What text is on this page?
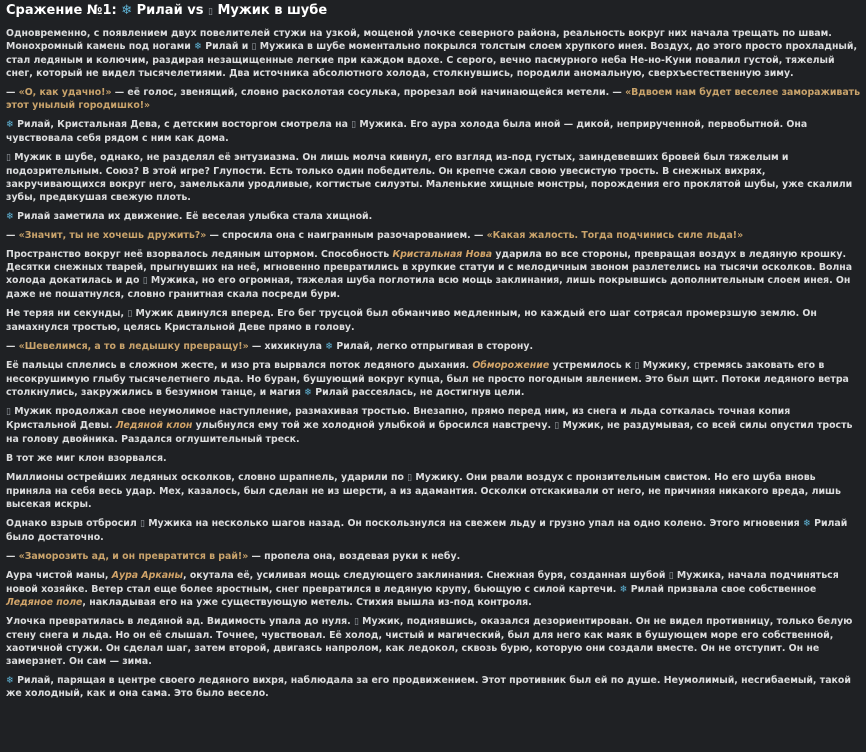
Сражение №1: ❄ Рилай vs ▯ Мужик в шубе

Одновременно, с появлением двух повелителей стужи на узкой, мощеной улочке северного района, реальность вокруг них начала трещать по швам. Монохромный камень под ногами ❄ Рилай и ▯ Мужика в шубе моментально покрылся толстым слоем хрупкого инея. Воздух, до этого просто прохладный, стал ледяным и колючим, раздирая незащищенные легкие при каждом вдохе. С серого, вечно пасмурного неба Не-но-Куни повалил густой, тяжелый снег, который не видел тысячелетиями. Два источника абсолютного холода, столкнувшись, породили аномальную, сверхъестественную зиму.

— «О, как удачно!» — её голос, звенящий, словно расколотая сосулька, прорезал вой начинающейся метели. — «Вдвоем нам будет веселее замораживать этот унылый городишко!»

❄ Рилай, Кристальная Дева, с детским восторгом смотрела на ▯ Мужика. Его аура холода была иной — дикой, неприрученной, первобытной. Она чувствовала себя рядом с ним как дома.

▯ Мужик в шубе, однако, не разделял её энтузиазма. Он лишь молча кивнул, его взгляд из-под густых, заиндевевших бровей был тяжелым и подозрительным. Союз? В этой игре? Глупости. Есть только один победитель. Он крепче сжал свою увесистую трость. В снежных вихрях, закручивающихся вокруг него, замелькали уродливые, когтистые силуэты. Маленькие хищные монстры, порождения его проклятой шубы, уже скалили зубы, предвкушая свежую плоть.

❄ Рилай заметила их движение. Её веселая улыбка стала хищной.

— «Значит, ты не хочешь дружить?» — спросила она с наигранным разочарованием. — «Какая жалость. Тогда подчинись силе льда!»

Пространство вокруг неё взорвалось ледяным штормом. Способность Кристальная Нова ударила во все стороны, превращая воздух в ледяную крошку. Десятки снежных тварей, прыгнувших на неё, мгновенно превратились в хрупкие статуи и с мелодичным звоном разлетелись на тысячи осколков. Волна холода докатилась и до ▯ Мужика, но его огромная, тяжелая шуба поглотила всю мощь заклинания, лишь покрывшись дополнительным слоем инея. Он даже не пошатнулся, словно гранитная скала посреди бури.

Не теряя ни секунды, ▯ Мужик двинулся вперед. Его бег трусцой был обманчиво медленным, но каждый его шаг сотрясал промерзшую землю. Он замахнулся тростью, целясь Кристальной Деве прямо в голову.

— «Шевелимся, а то в ледышку превращу!» — хихикнула ❄ Рилай, легко отпрыгивая в сторону.

Её пальцы сплелись в сложном жесте, и изо рта вырвался поток ледяного дыхания. Обморожение устремилось к ▯ Мужику, стремясь заковать его в несокрушимую глыбу тысячелетнего льда. Но буран, бушующий вокруг купца, был не просто погодным явлением. Это был щит. Потоки ледяного ветра столкнулись, закружились в безумном танце, и магия ❄ Рилай рассеялась, не достигнув цели.

▯ Мужик продолжал свое неумолимое наступление, размахивая тростью. Внезапно, прямо перед ним, из снега и льда соткалась точная копия Кристальной Девы. Ледяной клон улыбнулся ему той же холодной улыбкой и бросился навстречу. ▯ Мужик, не раздумывая, со всей силы опустил трость на голову двойника. Раздался оглушительный треск.

В тот же миг клон взорвался.

Миллионы острейших ледяных осколков, словно шрапнель, ударили по ▯ Мужику. Они рвали воздух с пронзительным свистом. Но его шуба вновь приняла на себя весь удар. Мех, казалось, был сделан не из шерсти, а из адамантия. Осколки отскакивали от него, не причиняя никакого вреда, лишь высекая искры.

Однако взрыв отбросил ▯ Мужика на несколько шагов назад. Он поскользнулся на свежем льду и грузно упал на одно колено. Этого мгновения ❄ Рилай было достаточно.

— «Заморозить ад, и он превратится в рай!» — пропела она, воздевая руки к небу.

Аура чистой маны, Аура Арканы, окутала её, усиливая мощь следующего заклинания. Снежная буря, созданная шубой ▯ Мужика, начала подчиняться новой хозяйке. Ветер стал еще более яростным, снег превратился в ледяную крупу, бьющую с силой картечи. ❄ Рилай призвала свое собственное Ледяное поле, накладывая его на уже существующую метель. Стихия вышла из-под контроля.

Улочка превратилась в ледяной ад. Видимость упала до нуля. ▯ Мужик, поднявшись, оказался дезориентирован. Он не видел противницу, только белую стену снега и льда. Но он её слышал. Точнее, чувствовал. Её холод, чистый и магический, был для него как маяк в бушующем море его собственной, хаотичной стужи. Он сделал шаг, затем второй, двигаясь напролом, как ледокол, сквозь бурю, которую они создали вместе. Он не отступит. Он не замерзнет. Он сам — зима.

❄ Рилай, парящая в центре своего ледяного вихря, наблюдала за его продвижением. Этот противник был ей по душе. Неумолимый, несгибаемый, такой же холодный, как и она сама. Это было весело.
